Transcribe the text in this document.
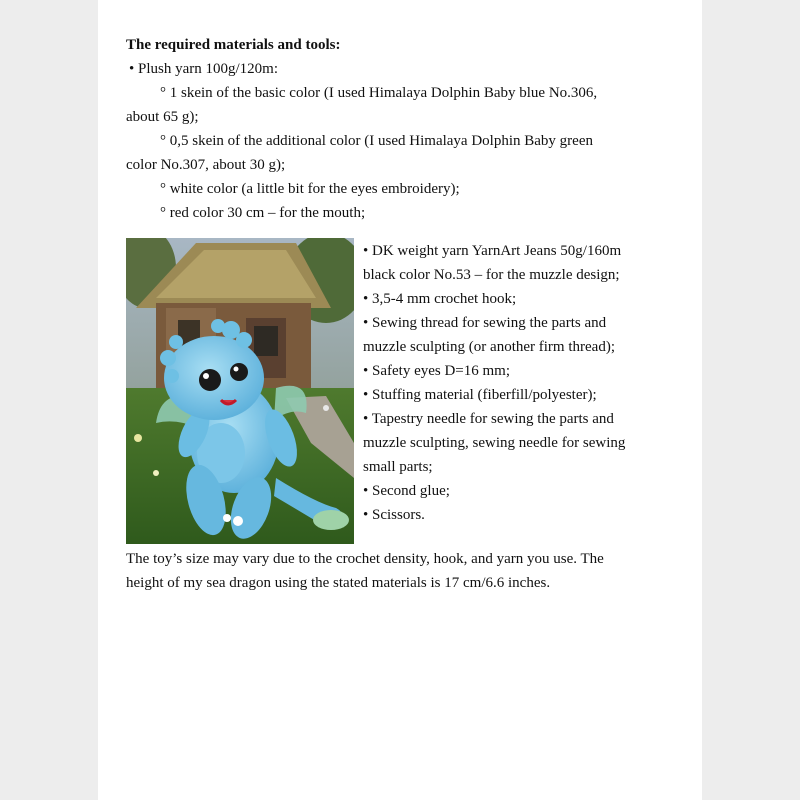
The required materials and tools:

• Plush yarn 100g/120m:

° 1 skein of the basic color (I used Himalaya Dolphin Baby blue No.306,

about 65 g);

° 0,5 skein of the additional color (I used Himalaya Dolphin Baby green

color No.307, about 30 g);

° white color (a little bit for the eyes embroidery);

° red color 30 cm – for the mouth;

• DK weight yarn YarnArt Jeans 50g/160m

black color No.53 – for the muzzle design;

• 3,5-4 mm crochet hook;

• Sewing thread for sewing the parts and

muzzle sculpting (or another firm thread);

• Safety eyes D=16 mm;

• Stuffing material (fiberfill/polyester);

• Tapestry needle for sewing the parts and

muzzle sculpting, sewing needle for sewing

small parts;

• Second glue;

• Scissors.

The toy’s size may vary due to the crochet density, hook, and yarn you use. The

height of my sea dragon using the stated materials is 17 cm/6.6 inches.
